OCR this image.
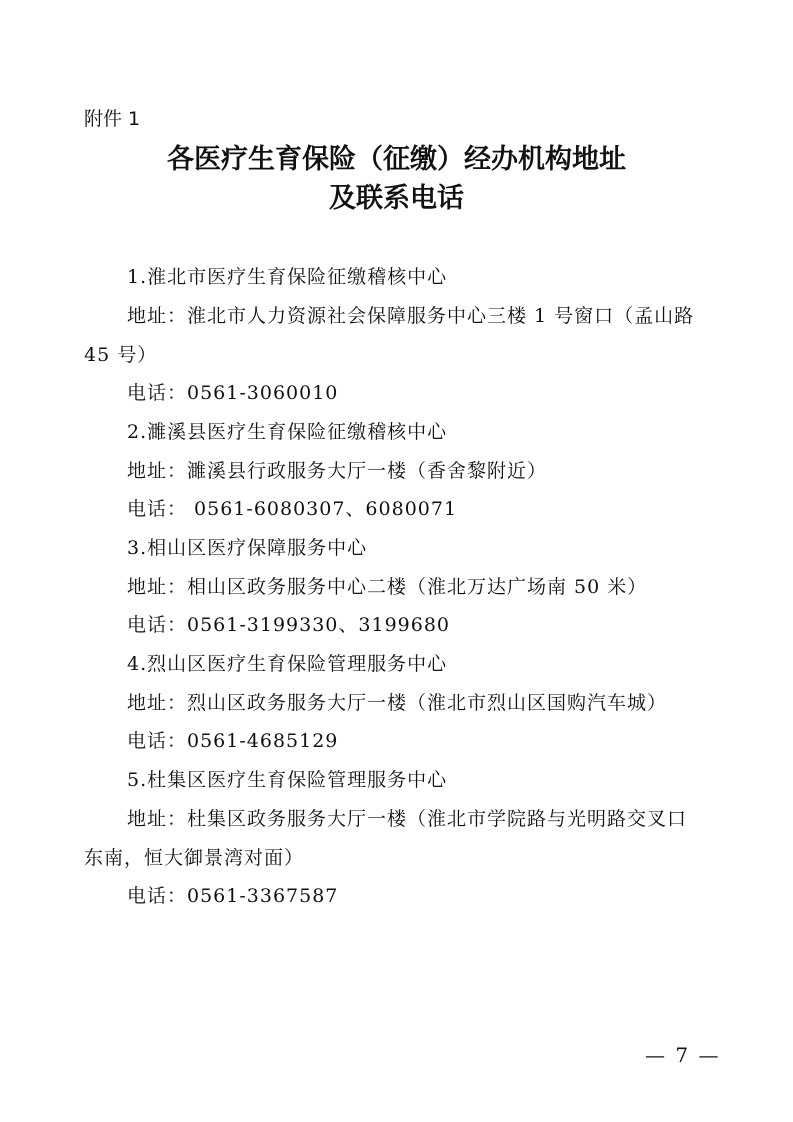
附件 1
各医疗生育保险（征缴）经办机构地址
及联系电话
1.淮北市医疗生育保险征缴稽核中心
地址：淮北市人力资源社会保障服务中心三楼 1 号窗口（孟山路
45 号）
电话：0561-3060010
2.濉溪县医疗生育保险征缴稽核中心
地址：濉溪县行政服务大厅一楼（香舍黎附近）
电话： 0561-6080307、6080071
3.相山区医疗保障服务中心
地址：相山区政务服务中心二楼（淮北万达广场南 50 米）
电话：0561-3199330、3199680
4.烈山区医疗生育保险管理服务中心
地址：烈山区政务服务大厅一楼（淮北市烈山区国购汽车城）
电话：0561-4685129
5.杜集区医疗生育保险管理服务中心
地址：杜集区政务服务大厅一楼（淮北市学院路与光明路交叉口
东南，恒大御景湾对面）
电话：0561-3367587
— 7 —
